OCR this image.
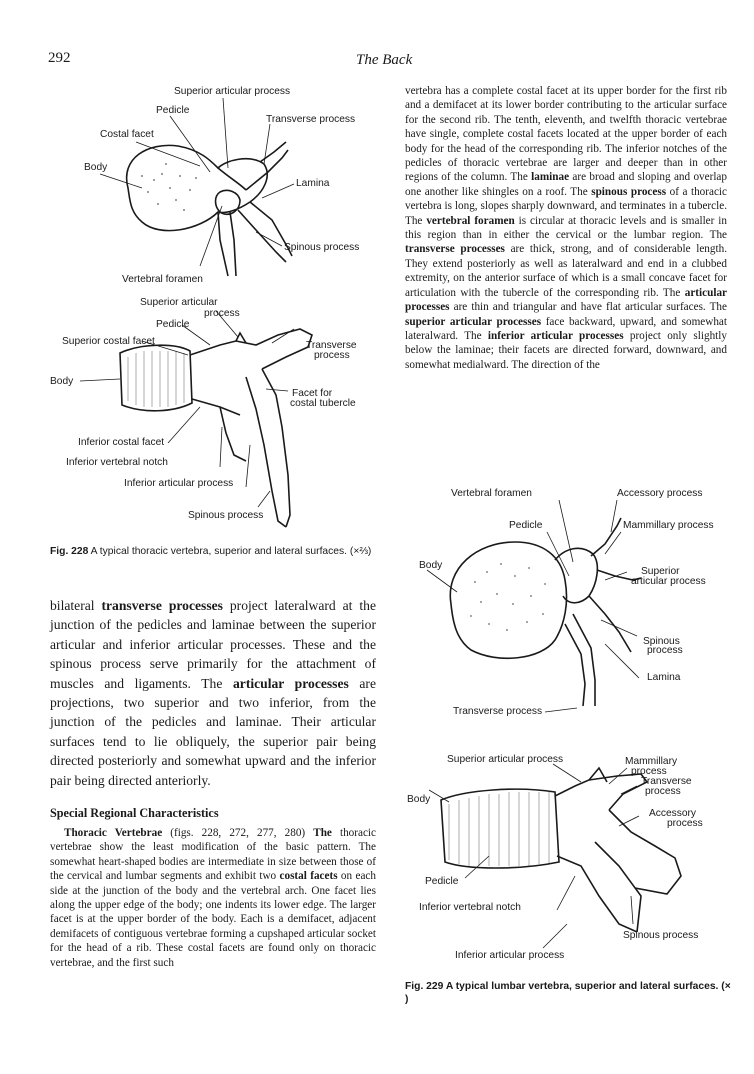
292	The Back
Superior articular process
Pedicle
Transverse process
Costal facet
Body
Lamina
Spinous process
Vertebral foramen
Superior articular
process
Pedicle
Superior costal facet	Transverse
process
Body
Facet for
costal tubercle
Inferior costal facet
Inferior vertebral notch
Inferior articular process
Spinous process
Fig. 228 A typical thoracic vertebra, superior and lateral surfaces. (×⅔)
bilateral transverse processes project lateralward at the junction of the pedicles and laminae between the superior articular and inferior articular processes. These and the spinous process serve primarily for the attachment of muscles and ligaments. The articular processes are projections, two superior and two inferior, from the junction of the pedicles and laminae. Their articular surfaces tend to lie obliquely, the superior pair being directed posteriorly and somewhat upward and the inferior pair being directed anteriorly.
Special Regional Characteristics
Thoracic Vertebrae (figs. 228, 272, 277, 280) The thoracic vertebrae show the least modification of the basic pattern. The somewhat heart-shaped bodies are intermediate in size between those of the cervical and lumbar segments and exhibit two costal facets on each side at the junction of the body and the vertebral arch. One facet lies along the upper edge of the body; one indents its lower edge. The larger facet is at the upper border of the body. Each is a demifacet, adjacent demifacets of contiguous vertebrae forming a cupshaped articular socket for the head of a rib. These costal facets are found only on thoracic vertebrae, and the first such
vertebra has a complete costal facet at its upper border for the first rib and a demifacet at its lower border contributing to the articular surface for the second rib. The tenth, eleventh, and twelfth thoracic vertebrae have single, complete costal facets located at the upper border of each body for the head of the corresponding rib. The inferior notches of the pedicles of thoracic vertebrae are larger and deeper than in other regions of the column. The laminae are broad and sloping and overlap one another like shingles on a roof. The spinous process of a thoracic vertebra is long, slopes sharply downward, and terminates in a tubercle. The vertebral foramen is circular at thoracic levels and is smaller in this region than in either the cervical or the lumbar region. The transverse processes are thick, strong, and of considerable length. They extend posteriorly as well as lateralward and end in a clubbed extremity, on the anterior surface of which is a small concave facet for articulation with the tubercle of the corresponding rib. The articular processes are thin and triangular and have flat articular surfaces. The superior articular processes face backward, upward, and somewhat lateralward. The inferior articular processes project only slightly below the laminae; their facets are directed forward, downward, and somewhat medialward. The direction of the
Vertebral foramen	Accessory process
Pedicle	Mammillary process
Body
Superior
articular process
Spinous
process
Lamina
Transverse process
Superior articular process	Mammillary
process
Body
Transverse
process
Accessory
process
Pedicle
Inferior vertebral notch
Spinous process
Inferior articular process
Fig. 229 A typical lumbar vertebra, superior and lateral surfaces. (× )
